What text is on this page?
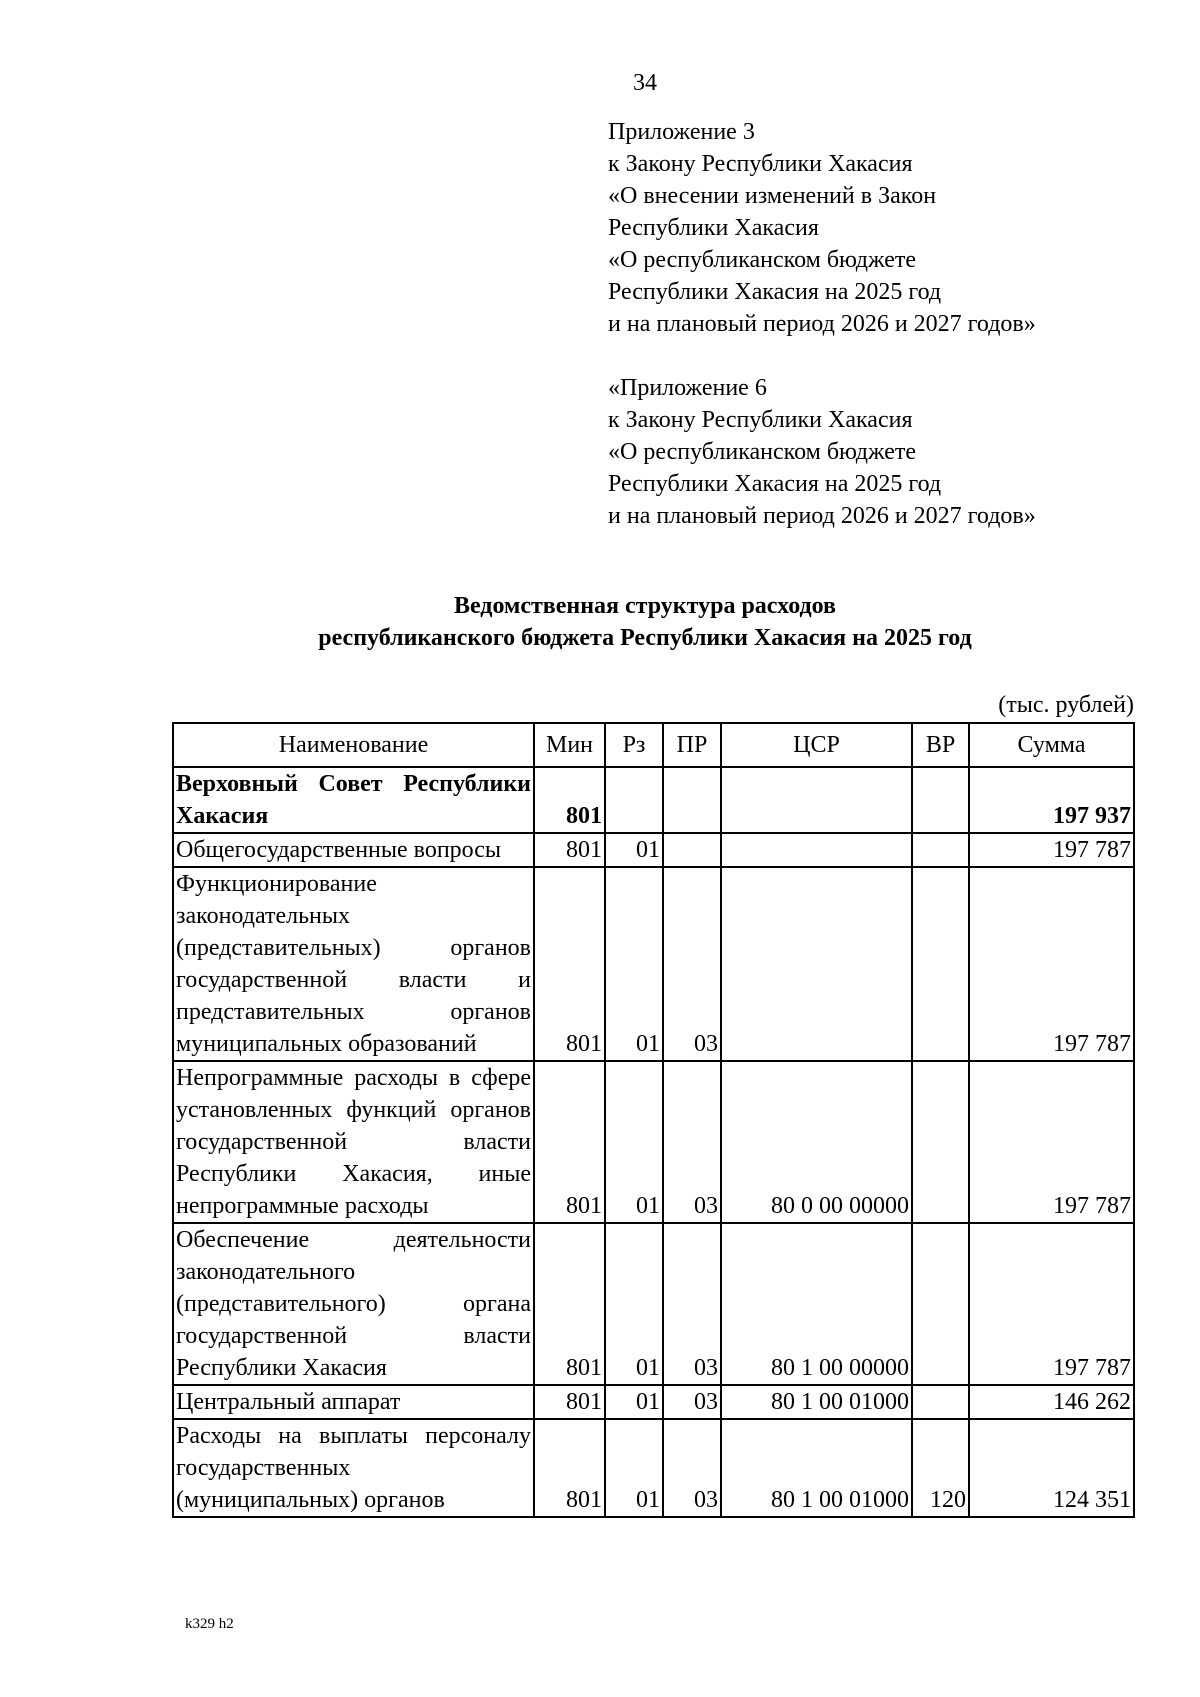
34
Приложение 3
к Закону Республики Хакасия
«О внесении изменений в Закон
Республики Хакасия
«О республиканском бюджете
Республики Хакасия на 2025 год
и на плановый период 2026 и 2027 годов»
«Приложение 6
к Закону Республики Хакасия
«О республиканском бюджете
Республики Хакасия на 2025 год
и на плановый период 2026 и 2027 годов»
Ведомственная структура расходов
республиканского бюджета Республики Хакасия на 2025 год
(тыс. рублей)
Наименование	Мин	Рз	ПР	ЦСР	ВР	Сумма
Верховный Совет Республики Хакасия	801					197 937
Общегосударственные вопросы	801	01				197 787
Функционирование законодательных (представительных) органов государственной власти и представительных органов муниципальных образований	801	01	03			197 787
Непрограммные расходы в сфере установленных функций органов государственной власти Республики Хакасия, иные непрограммные расходы	801	01	03	80 0 00 00000		197 787
Обеспечение деятельности законодательного (представительного) органа государственной власти Республики Хакасия	801	01	03	80 1 00 00000		197 787
Центральный аппарат	801	01	03	80 1 00 01000		146 262
Расходы на выплаты персоналу государственных (муниципальных) органов	801	01	03	80 1 00 01000	120	124 351
k329 h2
